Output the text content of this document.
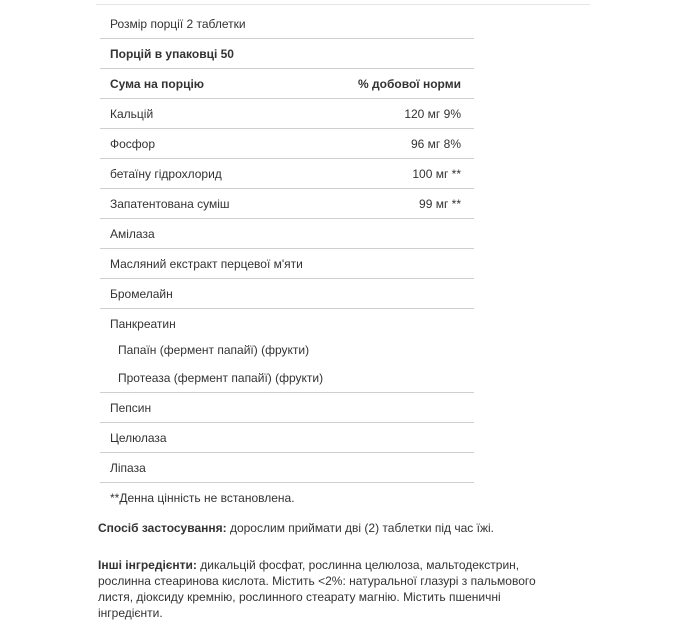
Розмір порції 2 таблетки
Порцій в упаковці 50
Сума на порцію	% добової норми
Кальцій	120 мг 9%
Фосфор	96 мг 8%
бетаїну гідрохлорид	100 мг **
Запатентована суміш	99 мг **
Амілаза
Масляний екстракт перцевої м'яти
Бромелайн
Панкреатин
Папаїн (фермент папайї) (фрукти)
Протеаза (фермент папайї) (фрукти)
Пепсин
Целюлаза
Ліпаза
**Денна цінність не встановлена.
Спосіб застосування: дорослим приймати дві (2) таблетки під час їжі.
Інші інгредієнти: дикальцій фосфат, рослинна целюлоза, мальтодекстрин, рослинна стеаринова кислота. Містить <2%: натуральної глазурі з пальмового листя, діоксиду кремнію, рослинного стеарату магнію. Містить пшеничні інгредієнти.
